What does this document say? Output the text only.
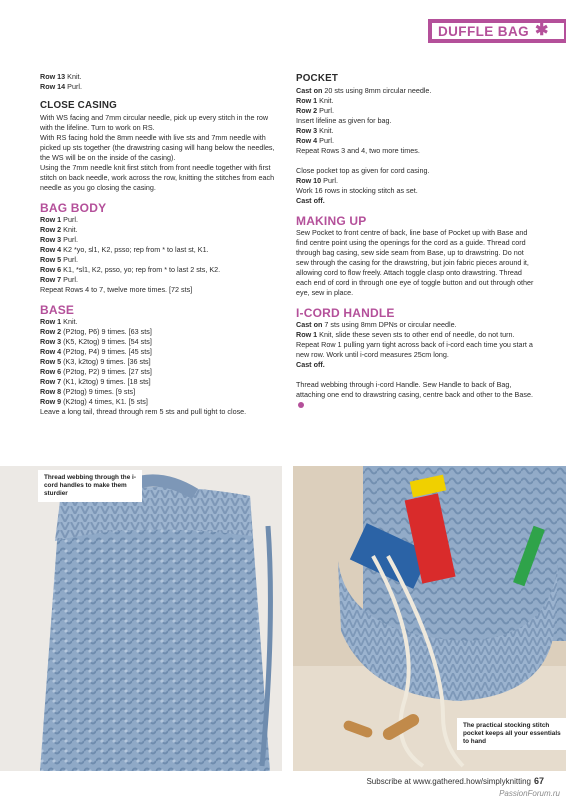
DUFFLE BAG ✱

Row 13 Knit.

Row 14 Purl.

CLOSE CASING

With WS facing and 7mm circular needle, pick up every stitch in the row with the lifeline. Turn to work on RS.

With RS facing hold the 8mm needle with live sts and 7mm needle with picked up sts together (the drawstring casing will hang below the needles, the WS will be on the inside of the casing).

Using the 7mm needle knit first stitch from front needle together with first stitch on back needle, work across the row, knitting the stitches from each needle as you go closing the casing.

BAG BODY

Row 1 Purl.

Row 2 Knit.

Row 3 Purl.

Row 4 K2 *yo, sl1, K2, psso; rep from * to last st, K1.

Row 5 Purl.

Row 6 K1, *sl1, K2, psso, yo; rep from * to last 2 sts, K2.

Row 7 Purl.

Repeat Rows 4 to 7, twelve more times. [72 sts]

BASE

Row 1 Knit.

Row 2 (P2tog, P6) 9 times. [63 sts]

Row 3 (K5, K2tog) 9 times. [54 sts]

Row 4 (P2tog, P4) 9 times. [45 sts]

Row 5 (K3, k2tog) 9 times. [36 sts]

Row 6 (P2tog, P2) 9 times. [27 sts]

Row 7 (K1, k2tog) 9 times. [18 sts]

Row 8 (P2tog) 9 times. [9 sts]

Row 9 (K2tog) 4 times, K1. [5 sts]

Leave a long tail, thread through rem 5 sts and pull tight to close.

POCKET

Cast on 20 sts using 8mm circular needle.

Row 1 Knit.

Row 2 Purl.

Insert lifeline as given for bag.

Row 3 Knit.

Row 4 Purl.

Repeat Rows 3 and 4, two more times.

Close pocket top as given for cord casing.

Row 10 Purl.

Work 16 rows in stocking stitch as set.

Cast off.

MAKING UP

Sew Pocket to front centre of back, line base of Pocket up with Base and find centre point using the openings for the cord as a guide. Thread cord through bag casing, sew side seam from Base, up to drawstring. Do not sew through the casing for the drawstring, but join fabric pieces around it, allowing cord to flow freely. Attach toggle clasp onto drawstring. Thread each end of cord in through one eye of toggle button and out through other eye, sew in place.

I-CORD HANDLE

Cast on 7 sts using 8mm DPNs or circular needle.

Row 1 Knit, slide these seven sts to other end of needle, do not turn.

Repeat Row 1 pulling yarn tight across back of i-cord each time you start a new row. Work until i-cord measures 25cm long.

Cast off.

Thread webbing through i-cord Handle. Sew Handle to back of Bag, attaching one end to drawstring casing, centre back and other to the Base.

Thread webbing through the i-cord handles to make them sturdier
The practical stocking stitch pocket keeps all your essentials to hand
Subscribe at www.gathered.how/simplyknitting 67
PassionForum.ru
